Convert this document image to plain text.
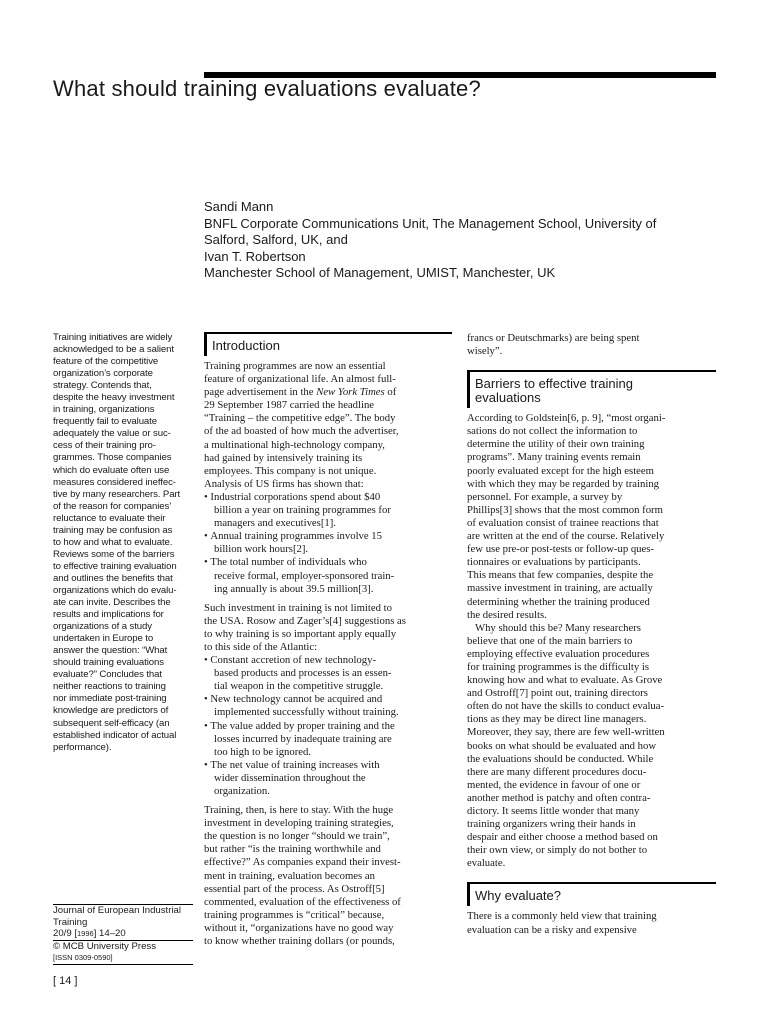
What should training evaluations evaluate?
Sandi Mann
BNFL Corporate Communications Unit, The Management School, University of
Salford, Salford, UK, and
Ivan T. Robertson
Manchester School of Management, UMIST, Manchester, UK
Training initiatives are widely
acknowledged to be a salient
feature of the competitive
organization’s corporate
strategy. Contends that,
despite the heavy investment
in training, organizations
frequently fail to evaluate
adequately the value or suc-
cess of their training pro-
grammes. Those companies
which do evaluate often use
measures considered ineffec-
tive by many researchers. Part
of the reason for companies’
reluctance to evaluate their
training may be confusion as
to how and what to evaluate.
Reviews some of the barriers
to effective training evaluation
and outlines the benefits that
organizations which do evalu-
ate can invite. Describes the
results and implications for
organizations of a study
undertaken in Europe to
answer the question: “What
should training evaluations
evaluate?” Concludes that
neither reactions to training
nor immediate post-training
knowledge are predictors of
subsequent self-efficacy (an
established indicator of actual
performance).
Journal of European Industrial
Training
20/9 [1996] 14–20
© MCB University Press
[ISSN 0309-0590]
[ 14 ]
Introduction

Training programmes are now an essential
feature of organizational life. An almost full-
page advertisement in the New York Times of
29 September 1987 carried the headline
“Training – the competitive edge”. The body
of the ad boasted of how much the advertiser,
a multinational high-technology company,
had gained by intensively training its
employees. This company is not unique.
Analysis of US firms has shown that:

• Industrial corporations spend about $40
billion a year on training programmes for
managers and executives[1].
• Annual training programmes involve 15
billion work hours[2].
• The total number of individuals who
receive formal, employer-sponsored train-
ing annually is about 39.5 million[3].

Such investment in training is not limited to
the USA. Rosow and Zager’s[4] suggestions as
to why training is so important apply equally
to this side of the Atlantic:

• Constant accretion of new technology-
based products and processes is an essen-
tial weapon in the competitive struggle.
• New technology cannot be acquired and
implemented successfully without training.
• The value added by proper training and the
losses incurred by inadequate training are
too high to be ignored.
• The net value of training increases with
wider dissemination throughout the
organization.

Training, then, is here to stay. With the huge
investment in developing training strategies,
the question is no longer “should we train”,
but rather “is the training worthwhile and
effective?” As companies expand their invest-
ment in training, evaluation becomes an
essential part of the process. As Ostroff[5]
commented, evaluation of the effectiveness of
training programmes is “critical” because,
without it, “organizations have no good way
to know whether training dollars (or pounds,

francs or Deutschmarks) are being spent
wisely”.

Barriers to effective training
evaluations

According to Goldstein[6, p. 9], “most organi-
sations do not collect the information to
determine the utility of their own training
programs”. Many training events remain
poorly evaluated except for the high esteem
with which they may be regarded by training
personnel. For example, a survey by
Phillips[3] shows that the most common form
of evaluation consist of trainee reactions that
are written at the end of the course. Relatively
few use pre-or post-tests or follow-up ques-
tionnaires or evaluations by participants.
This means that few companies, despite the
massive investment in training, are actually
determining whether the training produced
the desired results.

Why should this be? Many researchers
believe that one of the main barriers to
employing effective evaluation procedures
for training programmes is the difficulty is
knowing how and what to evaluate. As Grove
and Ostroff[7] point out, training directors
often do not have the skills to conduct evalua-
tions as they may be direct line managers.
Moreover, they say, there are few well-written
books on what should be evaluated and how
the evaluations should be conducted. While
there are many different procedures docu-
mented, the evidence in favour of one or
another method is patchy and often contra-
dictory. It seems little wonder that many
training organizers wring their hands in
despair and either choose a method based on
their own view, or simply do not bother to
evaluate.

Why evaluate?

There is a commonly held view that training
evaluation can be a risky and expensive
